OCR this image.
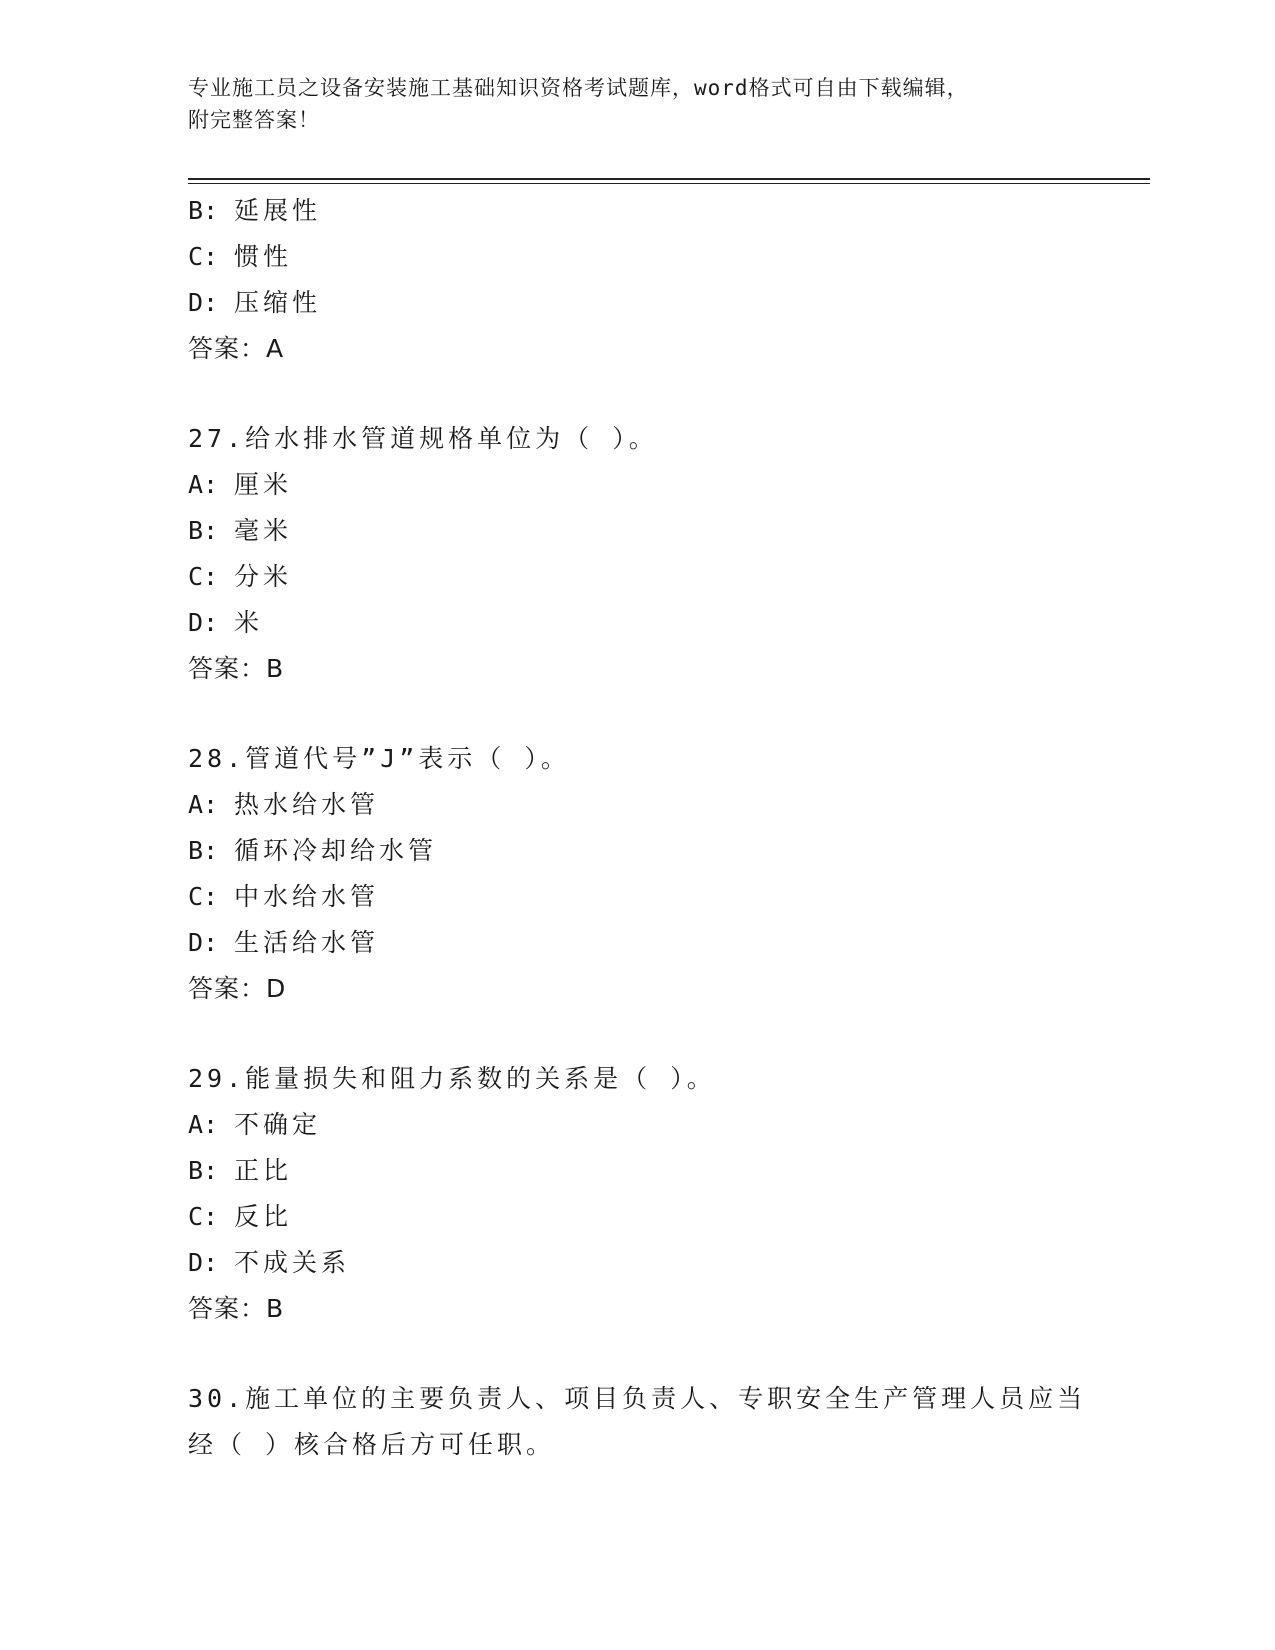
专业施工员之设备安装施工基础知识资格考试题库，word格式可自由下载编辑，
附完整答案！
B: 延展性
C: 惯性
D: 压缩性
答案：A
27.给水排水管道规格单位为（ ）。
A: 厘米
B: 毫米
C: 分米
D: 米
答案：B
28.管道代号”J”表示（ ）。
A: 热水给水管
B: 循环冷却给水管
C: 中水给水管
D: 生活给水管
答案：D
29.能量损失和阻力系数的关系是（ ）。
A: 不确定
B: 正比
C: 反比
D: 不成关系
答案：B
30.施工单位的主要负责人、项目负责人、专职安全生产管理人员应当
经（ ）核合格后方可任职。
